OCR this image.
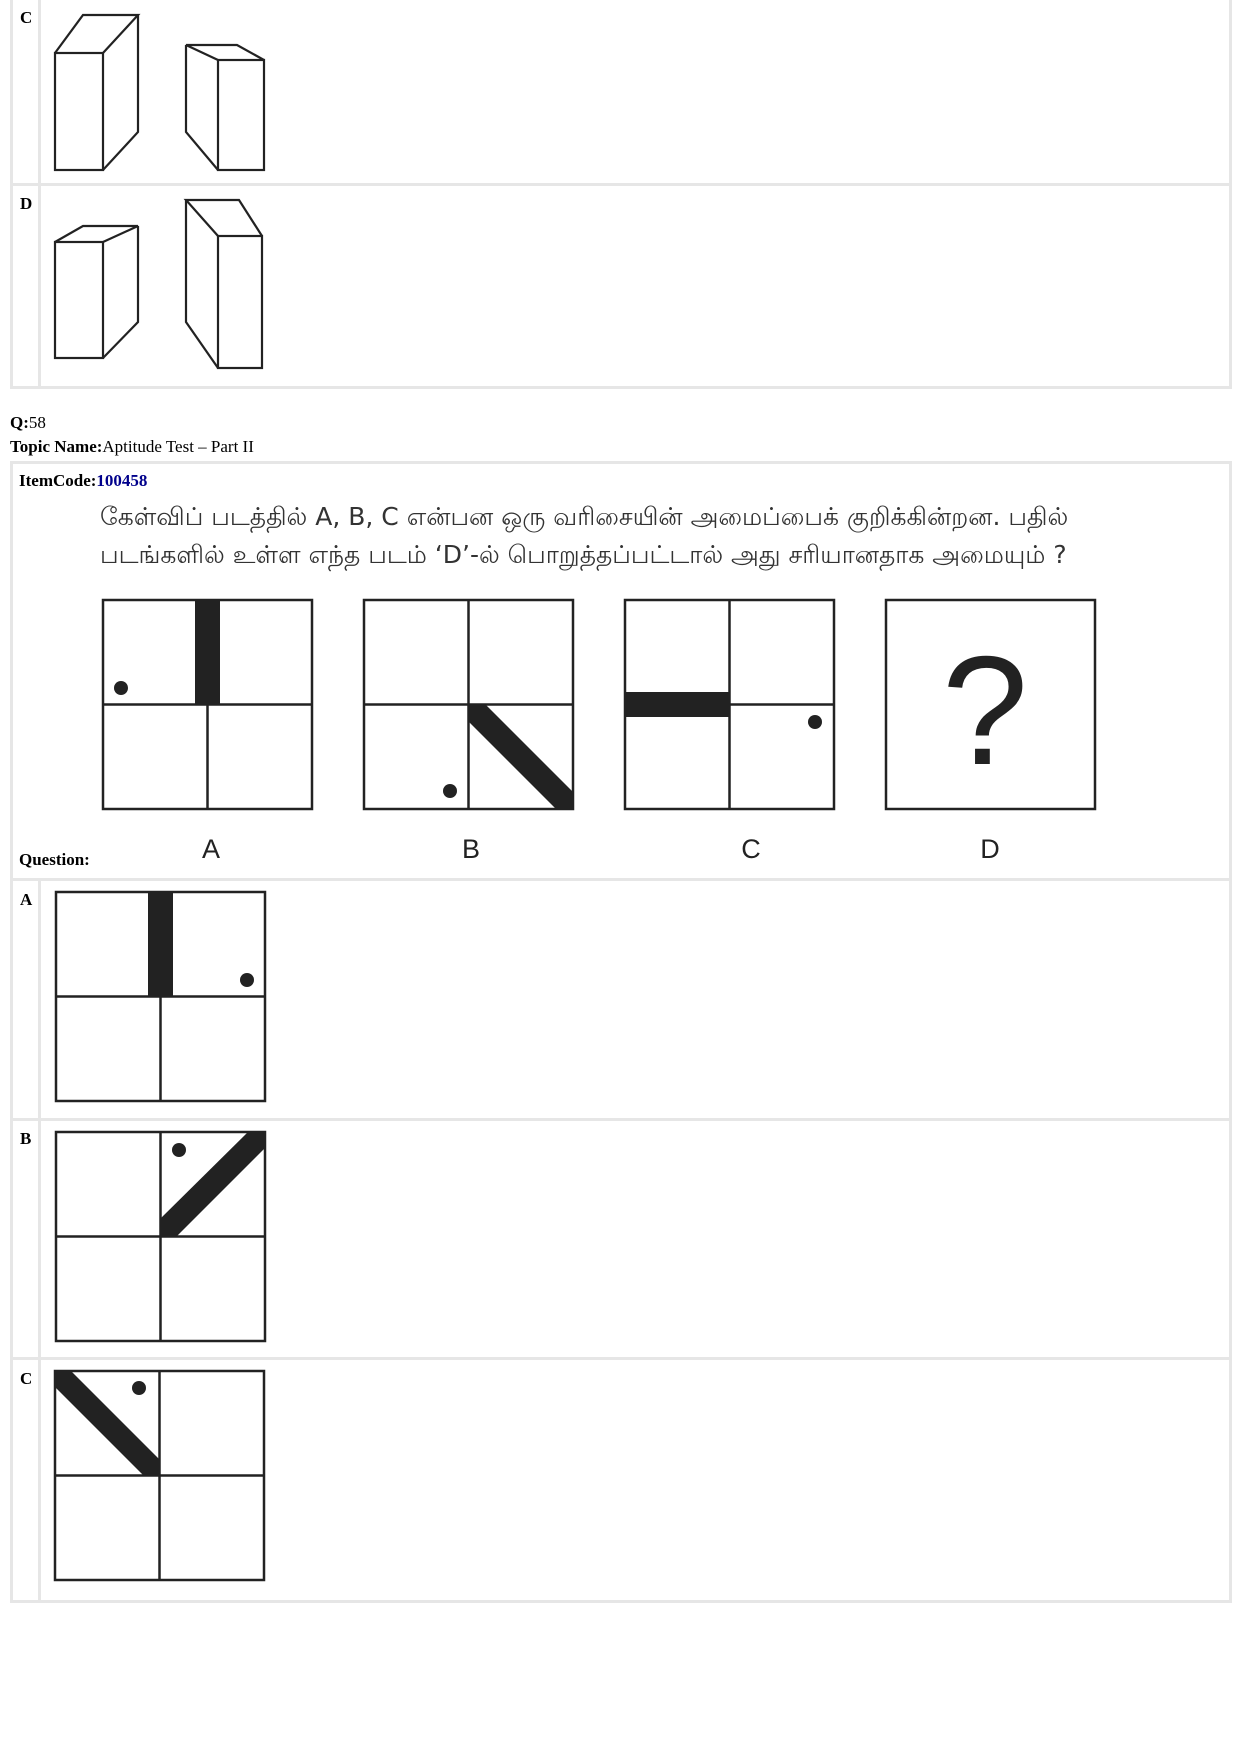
C
D
Q:58
Topic Name:Aptitude Test – Part II
ItemCode:100458
கேள்விப் படத்தில் A, B, C என்பன ஒரு வரிசையின் அமைப்பைக் குறிக்கின்றன. பதில்
படங்களில் உள்ள எந்த படம் ‘D’-ல் பொறுத்தப்பட்டால் அது சரியானதாக அமையும் ?
?
A	B	C	D
Question:
A
B
C
